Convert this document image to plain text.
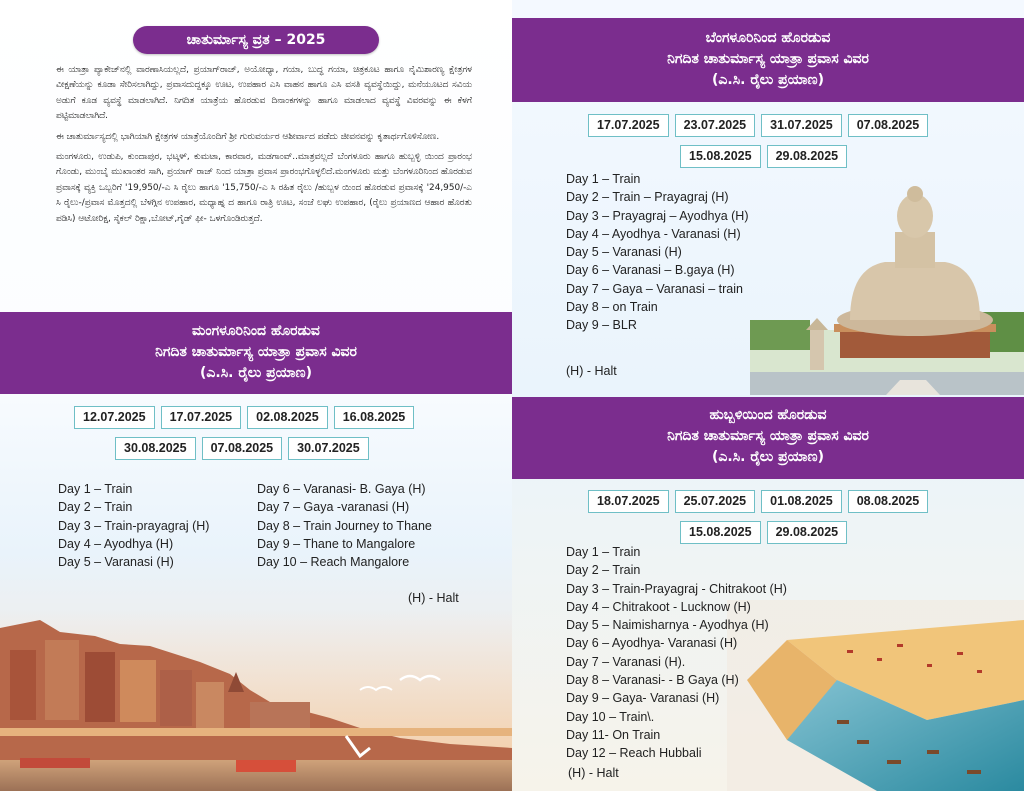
ಚಾತುರ್ಮಾಸ್ಯ ವ್ರತ – 2025

ಈ ಯಾತ್ರಾ ಪ್ಯಾಕೇಜ್‌ನಲ್ಲಿ ವಾರಣಾಸಿಯಲ್ಲದೆ, ಪ್ರಯಾಗ್‌ರಾಜ್, ಅಯೋಧ್ಯಾ, ಗಯಾ, ಬುದ್ಧ ಗಯಾ, ಚಿತ್ರಕೂಟ ಹಾಗೂ ನೈಮಿಶಾರಣ್ಯ ಕ್ಷೇತ್ರಗಳ ವೀಕ್ಷಣೆಯನ್ನು ಕೂಡಾ ಸೇರಿಸಲಾಗಿದ್ದು, ಪ್ರವಾಸದುದ್ದಕ್ಕೂ ಊಟ, ಉಪಹಾರ ಎಸಿ ವಾಹನ ಹಾಗೂ ಎಸಿ ವಸತಿ ವ್ಯವಸ್ಥೆಯಿದ್ದು, ಮನೆಯೂಟದ ಸವಿಯ ಅಡುಗೆ ಕೂಡ ವ್ಯವಸ್ಥೆ ಮಾಡಲಾಗಿದೆ. ನಿಗದಿತ ಯಾತ್ರೆಯ ಹೊರಡುವ ದಿನಾಂಕಗಳನ್ನು ಹಾಗೂ ಮಾಡಲಾದ ವ್ಯವಸ್ಥೆ ವಿವರವನ್ನು ಈ ಕೆಳಗೆ ಪಟ್ಟಿಮಾಡಲಾಗಿದೆ.

ಈ ಚಾತುರ್ಮಾಸ್ಯದಲ್ಲಿ ಭಾಗಿಯಾಗಿ ಕ್ಷೇತ್ರಗಳ ಯಾತ್ರೆಯೊಂದಿಗೆ ಶ್ರೀ ಗುರುವರ್ಯರ ಆಶೀರ್ವಾದ ಪಡೆದು ಜೀವನವನ್ನು ಕೃತಾರ್ಥಗೊಳಿಸೋಣ.

ಮಂಗಳೂರು, ಉಡುಪಿ, ಕುಂದಾಪುರ, ಭಟ್ಕಳ್, ಕುಮಟಾ, ಕಾರವಾರ, ಮಡಗಾಂವ್..ಮಾತ್ರವಲ್ಲದೆ ಬೆಂಗಳೂರು ಹಾಗೂ ಹುಬ್ಬಳ್ಳಿ ಯಿಂದ ಪ್ರಾರಂಭ ಗೊಂಡು, ಮುಂಬೈ ಮುಖಾಂತರ ಸಾಗಿ, ಪ್ರಯಾಗ್ ರಾಜ್ ನಿಂದ ಯಾತ್ರಾ ಪ್ರವಾಸ ಪ್ರಾರಂಭಗೊಳ್ಳಲಿದೆ.ಮಂಗಳೂರು ಮತ್ತು ಬೆಂಗಳೂರಿನಿಂದ ಹೊರಡುವ ಪ್ರವಾಸಕ್ಕೆ ವ್ಯಕ್ತಿ ಒಬ್ಬರಿಗೆ '19,950/-ಎ ಸಿ ರೈಲು ಹಾಗೂ '15,750/-ಎ ಸಿ ರಹಿತ ರೈಲು /ಹುಬ್ಬಳ ಯಿಂದ ಹೊರಡುವ ಪ್ರವಾಸಕ್ಕೆ '24,950/-ಎ ಸಿ ರೈಲು-/ಪ್ರವಾಸ ಮೊತ್ತದಲ್ಲಿ ಬೆಳಗ್ಗಿನ ಉಪಹಾರ, ಮಧ್ಯಾಹ್ನ ದ ಹಾಗೂ ರಾತ್ರಿ ಊಟ, ಸಂಜೆ ಲಘು ಉಪಹಾರ, (ರೈಲು ಪ್ರಯಾಣದ ಆಹಾರ ಹೊರತು ಪಡಿಸಿ) ಆಟೋರಿಕ್ಷ, ಸೈಕಲ್ ರಿಕ್ಷಾ,ಬೋಟ್,ಗೈಡ್ ಫೀ- ಒಳಗೊಂಡಿರುತ್ತದೆ.

ಮಂಗಳೂರಿನಿಂದ ಹೊರಡುವ
ನಿಗದಿತ ಚಾತುರ್ಮಾಸ್ಯ ಯಾತ್ರಾ ಪ್ರವಾಸ ವಿವರ
(ಎ.ಸಿ. ರೈಲು ಪ್ರಯಾಣ)
12.07.2025	17.07.2025	02.08.2025	16.08.2025
30.08.2025	07.08.2025	30.07.2025
Day 1 – Train
Day 2 – Train
Day 3 – Train-prayagraj (H)
Day 4 – Ayodhya (H)
Day 5 – Varanasi (H)
Day 6 – Varanasi- B. Gaya (H)
Day 7 – Gaya -varanasi (H)
Day 8 – Train Journey to Thane
Day 9 – Thane to Mangalore
Day 10 – Reach Mangalore
(H) - Halt
ಬೆಂಗಳೂರಿನಿಂದ ಹೊರಡುವ
ನಿಗದಿತ ಚಾತುರ್ಮಾಸ್ಯ ಯಾತ್ರಾ ಪ್ರವಾಸ ವಿವರ
(ಎ.ಸಿ. ರೈಲು ಪ್ರಯಾಣ)
17.07.2025	23.07.2025	31.07.2025	07.08.2025
15.08.2025	29.08.2025
Day 1 – Train
Day 2 – Train – Prayagraj (H)
Day 3 – Prayagraj – Ayodhya (H)
Day 4 – Ayodhya - Varanasi (H)
Day 5 – Varanasi (H)
Day 6 – Varanasi – B.gaya (H)
Day 7 – Gaya – Varanasi – train
Day 8 – on Train
Day 9 – BLR
(H) - Halt
ಹುಬ್ಬಳಿಯಿಂದ ಹೊರಡುವ
ನಿಗದಿತ ಚಾತುರ್ಮಾಸ್ಯ ಯಾತ್ರಾ ಪ್ರವಾಸ ವಿವರ
(ಎ.ಸಿ. ರೈಲು ಪ್ರಯಾಣ)
18.07.2025	25.07.2025	01.08.2025	08.08.2025
15.08.2025	29.08.2025
Day 1 – Train
Day 2 – Train
Day 3 – Train-Prayagraj - Chitrakoot (H)
Day 4 – Chitrakoot - Lucknow (H)
Day 5 – Naimisharnya - Ayodhya (H)
Day 6 – Ayodhya- Varanasi (H)
Day 7 – Varanasi (H).
Day 8 – Varanasi- - B Gaya (H)
Day 9 – Gaya- Varanasi (H)
Day 10 – Train\.
Day 11- On Train
Day 12 – Reach Hubbali
(H) - Halt
